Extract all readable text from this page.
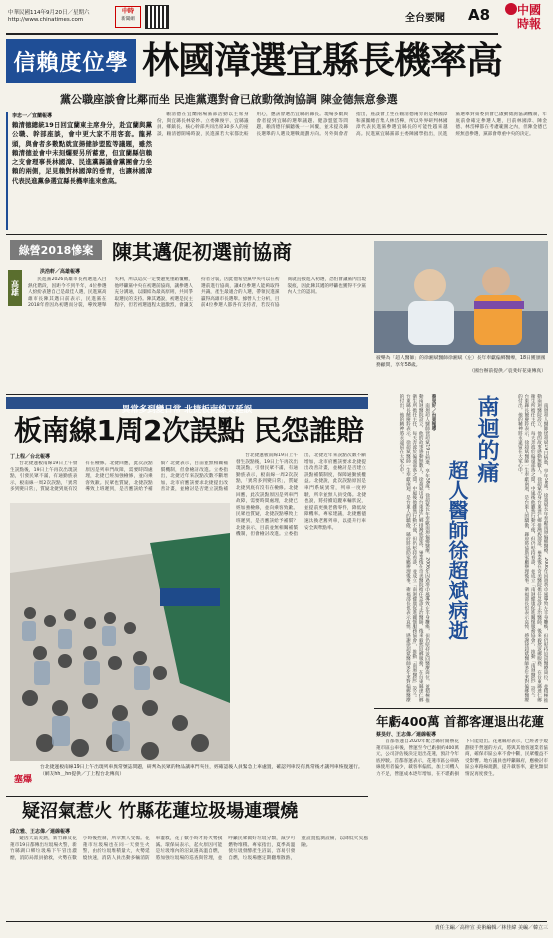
中華民國114年9月20日／星期六
http://www.chinatimes.com
中時
新聞網	全台要聞 A8 中國時報
信賴度位學 林國漳選宜縣長機率高
黨公職座談會比鄰而坐 民進黨選對會已啟動徵詢協調 陳金德無意參選
李忠一／宜蘭報導
賴清德總統19日回宜蘭東主席身分，赴宜蘭與黨公職、幹部座談，會中更大家不用客套。龍昇頭，與會者多數點就宣揚健診盟監等議題，雖然賴清德並會中未刻爛要另所蓄意，但宣蘭縣信賴之支會理事長林國漳、民進黨縣議會黨團會力坐賴的兩側，足見賴對林國漳的垂青，也讓林國漳代表民進黨參選宜縣長機率進來愈高。

賴清德在宜蘭兩場黨部活動以主席身份，與宜縣長林姿妙、立委陳俊宇、宜縣議員、鄉鎮長、核心幹部共同出席30多人的座談，賴清德開場時說，民進黨若大家都比較用心，應該會選出宜縣的縣長。現場多數與會者提到宜縣的選舉議題、健診盟監等問題，賴清德仔細聽後一一回覆，並未提及縣長選舉的人選及選戰規劃方向。另外與會者指出，座談會上坐在賴清德兩旁的是林國漳和黨團總召集人林岱樺，所以外界研判林國漳代表民進黨參選宜縣長的可能性越來越高。民進黨宜縣黨部主委陳國學指出，民進黨選舉對策委員會已啟動徵詢協調機制，年底前會確定參選人選，目前林國漳、陳金德、林岱樺都在考慮範圍之內，但陳金德已經無意參選，黨部會尊重中央的決定。

綠營2018慘案 陳其邁促初選前協商
高雄
洪浩軒／高雄報導

民進黨2026高雄市長初選進入白熱化階段，因距今不到半年，4位參選人紛紛表態自己是最佳人選，民進黨高雄市長陳其邁日前表示，民進黨在2018年曾因為初選而分裂，導致選舉失利，所以這次一定要避免重蹈覆轍，他呼籲黨中央在初選前協商，讓參選人充分溝通，以團結為最高原則，共同爭取選民的支持。陳其邁說，初選是民主程序，但若初選過程太過激烈，會讓支持者分裂，因此他希望黨中央可以在初選前進行協商，讓4位參選人能夠取得共識，產生最適合的人選，帶領民進黨贏得高雄市長選舉。綠營人士分析，目前4位參選人都各有支持者，若沒有協商就直接進入初選，恐怕會讓黨內出現裂痕，因此陳其邁的呼籲也獲得不少黨內人士的認同。

彼樂為「超人醫師」的徐湘斌醫師徐湘斌（左）長年奉獻偏鄉醫療，18日獲頒國務顧問，享年58歲。
（國台辦前提供／袁斐好花東傳真）
異常多到變日常 北捷板南線又延誤
板南線1周2次誤點 民怨誰賠
丁上程／台北報導

台北捷運板南線19日上午發生誤點後，19日上午再次出現誤點，引發民眾不滿，有通勤族表示，板南線一周2次誤點，「異常多到變日常」，質疑北捷到底有沒有在檢修。北捷回應，此次誤點原因是列車門故障，需要時間處理，北捷已經加強檢修，並向乘客致歉。民眾也質疑，北捷誤點導致上班遲到，是否應該給予補償？北捷表示，目前並無相關補償機制，但會檢討改進。立委指出，北捷近年來誤點次數不斷增加，北市府應該要求北捷提出改善計畫，並檢討是否建立誤點補

台北捷運板南線19日上午發生誤點後，19日上午再次出現誤點，引發民眾不滿，有通勤族表示，板南線一周2次誤點，「異常多到變日常」，質疑北捷到底有沒有在檢修。北捷回應，此次誤點原因是列車門故障，需要時間處理，北捷已經加強檢修，並向乘客致歉。民眾也質疑，北捷誤點導致上班遲到，是否應該給予補償？北捷表示，目前並無相關補償機制，但會檢討改進。立委指出，北捷近年來誤點次數不斷增加，北市府應該要求北捷提出改善計畫，並檢討是否建立誤點補償制度，保障通勤族權益。北捷說，此次誤點原因是車門系統異常，列車一度停駛，所幸並無人員受傷。北捷也說，將持續追蹤車輛狀況，並提前更換老舊零件，降低故障機率。專家建議，北捷應儘速汰換老舊列車，以提升行車安全與準點率。

塞爆
台北捷運板南線19日上午出現列車異常號誌問題，研判為民眾的物品讓車門夾住，經確認後人員緊急上車處置，確認列車沒有異常後才讓列車恢復運行。 （網友hh＿hn提供／丁上程台北傳真）
南迴的痛
超人醫師徐超斌病逝

蔡旻好／台東報導

南迴超人醫師徐超斌19日病逝，享年58歲。徐超斌長年奉獻南迴偏鄉醫療，2006年因過勞中風導致左半身癱瘓，但仍堅持返回醫療崗位，並積極推動南迴醫院設立，他的故事感動無數人。徐超斌出身台東達仁鄉排灣族部落，畢業後在奇美醫院擔任急診主治醫師，後來毅然返鄉服務，在台東縣達仁鄉衛生所擔任主任，每天奔波於偏遠部落之間。中風後他雖然行動不便，但仍堅持看診，並成立「南迴健康促進關懷服務協會」，推動「南迴醫院」設立。台東縣長饒慶鈴表示，徐超斌醫師一生奉獻南迴，是台東人的驕傲，縣府將協助家屬辦理後事。衛福部長也表示哀悼，感謝徐超斌醫師多年來對偏鄉醫療的付出，他的精神將永遠留在大家心中。	南迴超人醫師徐超斌19日病逝，享年58歲。徐超斌長年奉獻南迴偏鄉醫療，2006年因過勞中風導致左半身癱瘓，但仍堅持返回醫療崗位，並積極推動南迴醫院設立，他的故事感動無數人。徐超斌出身台東達仁鄉排灣族部落，畢業後在奇美醫院擔任急診主治醫師，後來毅然返鄉服務，在台東縣達仁鄉衛生所擔任主任，每天奔波於偏遠部落之間。中風後他雖然行動不便，但仍堅持看診，並成立「南迴健康促進關懷服務協會」，推動「南迴醫院」設立。台東縣長饒慶鈴表示，徐超斌醫師一生奉獻南迴，是台東人的驕傲，縣府將協助家屬辦理後事。衛福部長也表示哀悼，感謝徐超斌醫師多年來對偏鄉醫療的付出，他的精神將永遠留在大家心中。

年虧400萬 首都客運退出花蓮
蔡旻好、王志偉／連線報導

首都客運自2020年配合縣府開辦花蓮市區公車後，營運至今已虧損約400萬元，公司評估後決定退出花蓮，預計今年底停駛。首都客運表示，花蓮市區公車路線使用者偏少，載客率偏低，加上司機人力不足，營運成本逐年增加，在不堪虧損下只能退出。花蓮縣府表示，已經著手規劃接手營運的方式，將與其他客運業者協商，確保市區公車不會中斷，民眾權益不受影響。地方議員也呼籲縣府，應檢討市區公車路線規劃，提升載客率，避免類似情況再度發生。

疑沼氣惹火 竹縣花蓮垃圾場連環燒
邱立雅、王志偉／連線報導

疑因天氣炎熱，新竹縣及花蓮市19日都傳出垃圾場火警，新竹縣湖口鄉垃圾場下午冒出濃煙，消防局派員搶救，火勢在數小時後控制，所幸無人受傷。花蓮市垃圾場也在同一天發生火警，由於垃圾堆積量大，火勢延燒快速，消防人員出動多輛消防車灌救，花了數小時才將火勢撲滅。環保局表示，起火原因可能是垃圾堆內的沼氣遇高溫自燃，將加強垃圾場的巡查與管理，並呼籲民眾做好垃圾分類，減少可燃物堆積。專家指出，夏季高溫使垃圾發酵產生沼氣，容易引發自燃，垃圾場應定期翻堆散熱，並設置監測設備，以降低火災風險。

責任主編／高梓宣 美術編輯／林佳緯 美編／韓立三
